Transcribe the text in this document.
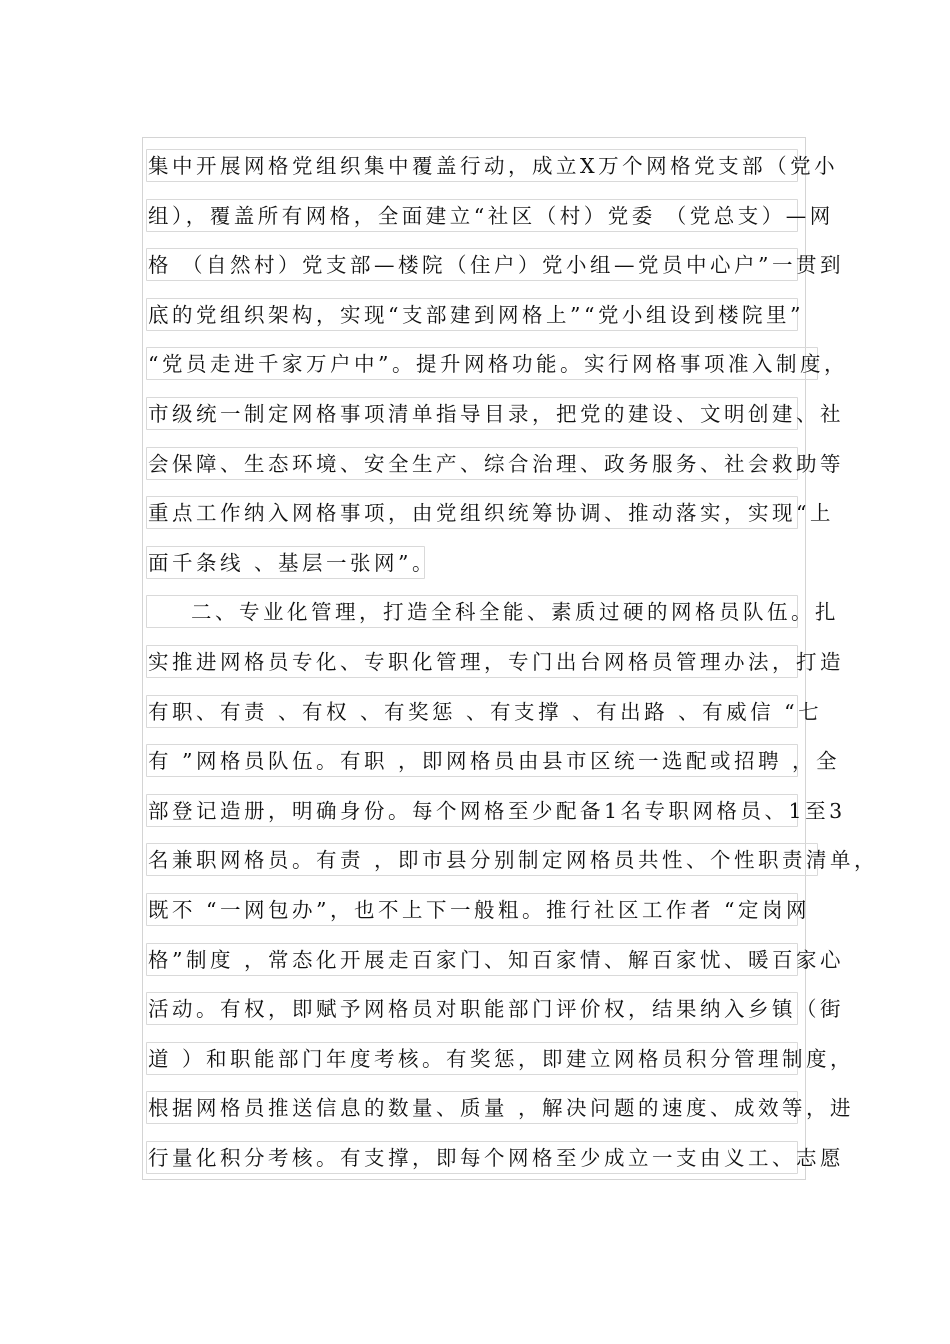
集中开展网格党组织集中覆盖行动，成立X万个网格党支部（党小
组），覆盖所有网格，全面建立“社区（村）党委 （党总支）—网
格 （自然村）党支部—楼院（住户）党小组—党员中心户”一贯到
底的党组织架构，实现“支部建到网格上”“党小组设到楼院里”
“党员走进千家万户中”。提升网格功能。实行网格事项准入制度，
市级统一制定网格事项清单指导目录，把党的建设、文明创建、社
会保障、生态环境、安全生产、综合治理、政务服务、社会救助等
重点工作纳入网格事项，由党组织统筹协调、推动落实，实现“上
面千条线 、基层一张网”。
二、专业化管理，打造全科全能、素质过硬的网格员队伍。扎
实推进网格员专化、专职化管理，专门出台网格员管理办法，打造
有职、有责 、有权 、有奖惩 、有支撑 、有出路 、有威信 “七
有 ”网格员队伍。有职 ，即网格员由县市区统一选配或招聘 ，全
部登记造册，明确身份。每个网格至少配备1名专职网格员、1至3
名兼职网格员。有责 ，即市县分别制定网格员共性、个性职责清单，
既不 “一网包办”，也不上下一般粗。推行社区工作者 “定岗网
格”制度 ，常态化开展走百家门、知百家情、解百家忧、暖百家心
活动。有权，即赋予网格员对职能部门评价权，结果纳入乡镇（街
道 ）和职能部门年度考核。有奖惩，即建立网格员积分管理制度，
根据网格员推送信息的数量、质量 ，解决问题的速度、成效等，进
行量化积分考核。有支撑，即每个网格至少成立一支由义工、志愿
